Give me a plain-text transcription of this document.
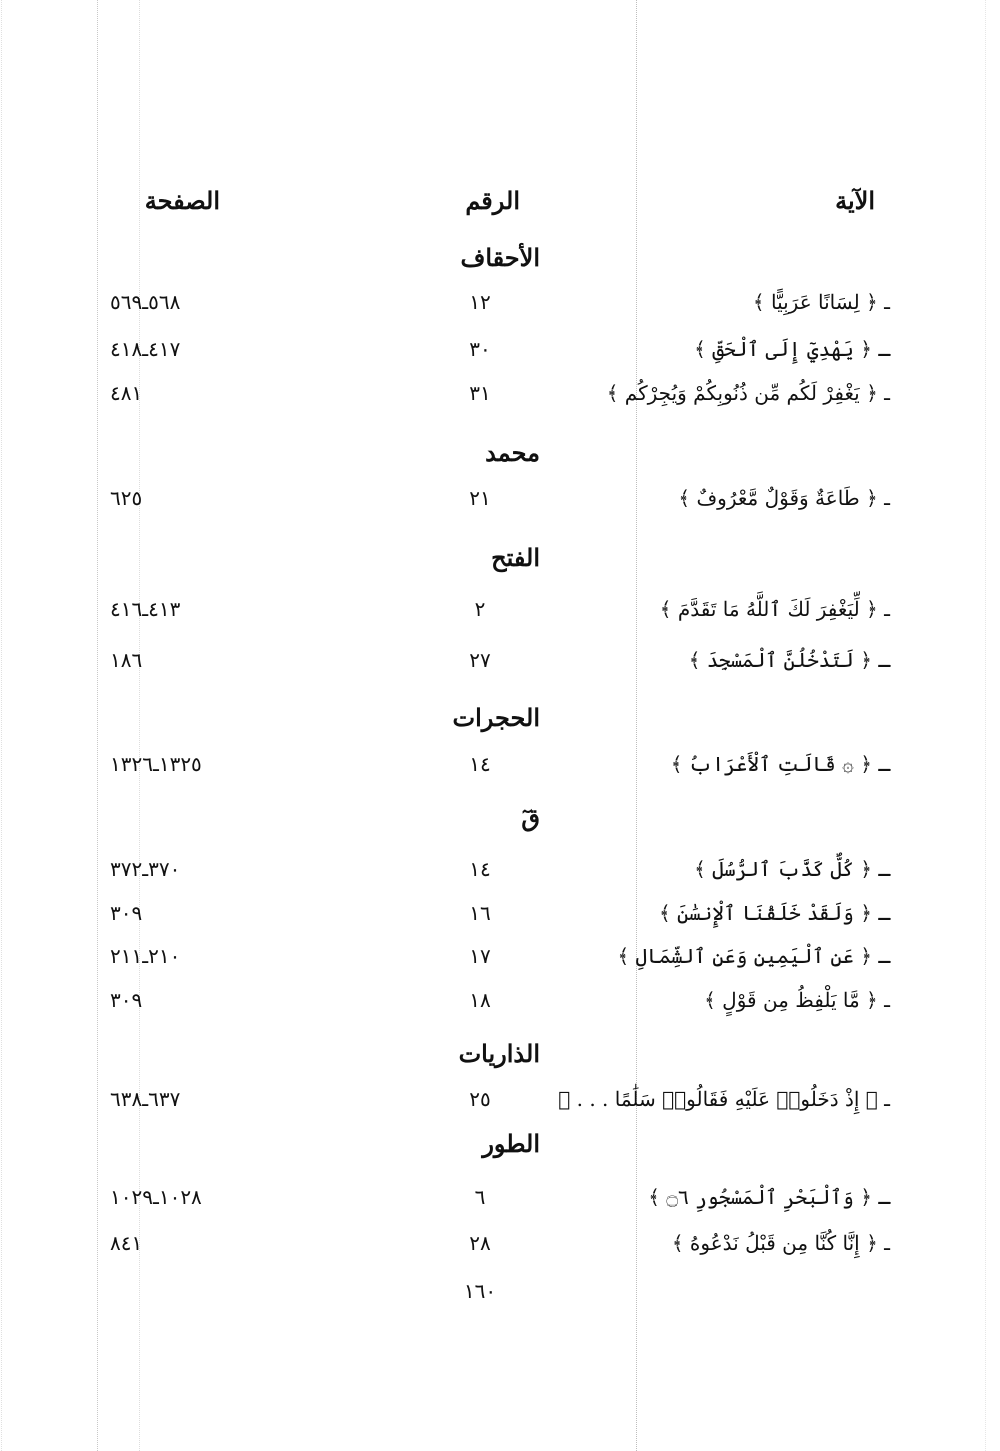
الآية
الرقم
الصفحة
الأحقاف
ـ ﴿ لِسَانًا عَرَبِيًّا ﴾
١٢
٥٦٨ـ٥٦٩
ـ ﴿ يَهْدِيٓ إِلَى ٱلْحَقِّ ﴾
٣٠
٤١٧ـ٤١٨
ـ ﴿ يَغْفِرْ لَكُم مِّن ذُنُوبِكُمْ وَيُجِرْكُم ﴾
٣١
٤٨١
محمد
ـ ﴿ طَاعَةٌ وَقَوْلٌ مَّعْرُوفٌ ﴾
٢١
٦٢٥
الفتح
ـ ﴿ لِّيَغْفِرَ لَكَ ٱللَّهُ مَا تَقَدَّمَ ﴾
٢
٤١٣ـ٤١٦
ـ ﴿ لَتَدْخُلُنَّ ٱلْمَسْجِدَ ﴾
٢٧
١٨٦
الحجرات
ـ ﴿ ۞ قَالَتِ ٱلْأَعْرَابُ ﴾
١٤
١٣٢٥ـ١٣٢٦
قٓ
ـ ﴿ كُلٌّ كَذَّبَ ٱلرُّسُلَ ﴾
١٤
٣٧٠ـ٣٧٢
ـ ﴿ وَلَقَدْ خَلَقْنَا ٱلْإِنسَٰنَ ﴾
١٦
٣٠٩
ـ ﴿ عَنِ ٱلْيَمِينِ وَعَنِ ٱلشِّمَالِ ﴾
١٧
٢١٠ـ٢١١
ـ ﴿ مَّا يَلْفِظُ مِن قَوْلٍ ﴾
١٨
٣٠٩
الذاريات
ـ ﴿ إِذْ دَخَلُوا۟ عَلَيْهِ فَقَالُوا۟ سَلَٰمًا . . . ﴾
٢٥
٦٣٧ـ٦٣٨
الطور
ـ ﴿ وَٱلْبَحْرِ ٱلْمَسْجُورِ ۝٦ ﴾
٦
١٠٢٨ـ١٠٢٩
ـ ﴿ إِنَّا كُنَّا مِن قَبْلُ نَدْعُوهُ ﴾
٢٨
٨٤١
١٦٠
